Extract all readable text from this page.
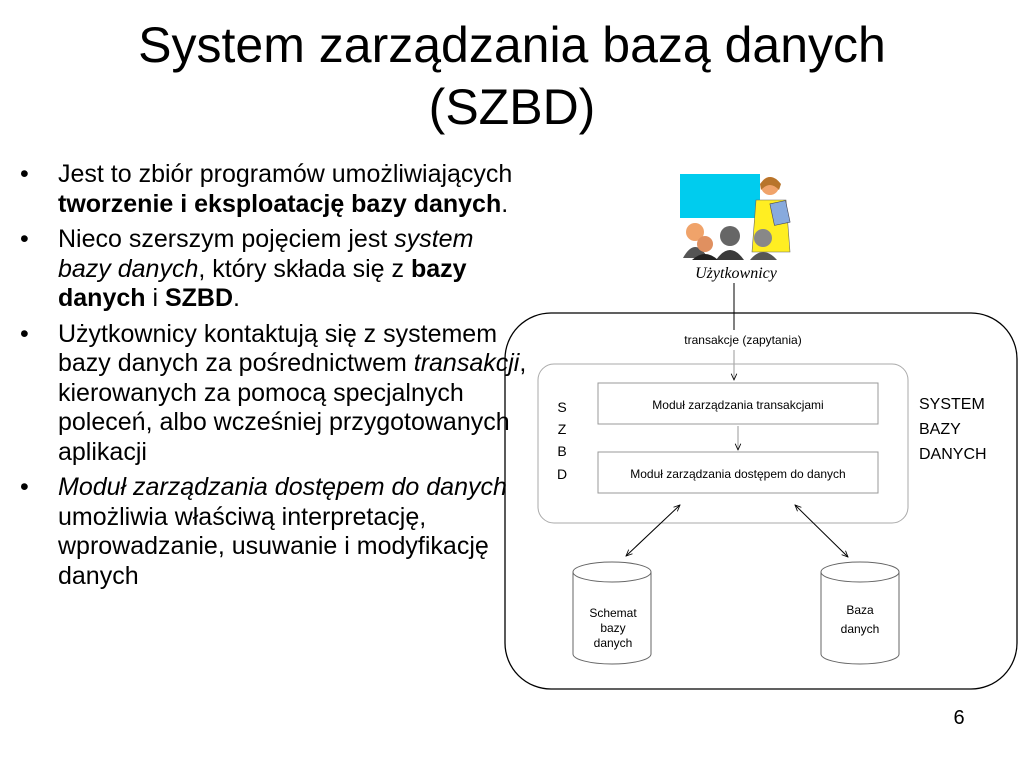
System zarządzania bazą danych
(SZBD)
• Jest to zbiór programów umożliwiających tworzenie i eksploatację bazy danych.
• Nieco szerszym pojęciem jest system bazy danych, który składa się z bazy danych i SZBD.
• Użytkownicy kontaktują się z systemem bazy danych za pośrednictwem transakcji, kierowanych za pomocą specjalnych poleceń, albo wcześniej przygotowanych aplikacji
• Moduł zarządzania dostępem do danych umożliwia właściwą interpretację, wprowadzanie, usuwanie i modyfikację danych
Użytkownicy
transakcje (zapytania)
S
Z
B
D
Moduł zarządzania transakcjami
Moduł zarządzania dostępem do danych
Schemat
bazy
danych
Baza
danych
SYSTEM
BAZY
DANYCH
6
